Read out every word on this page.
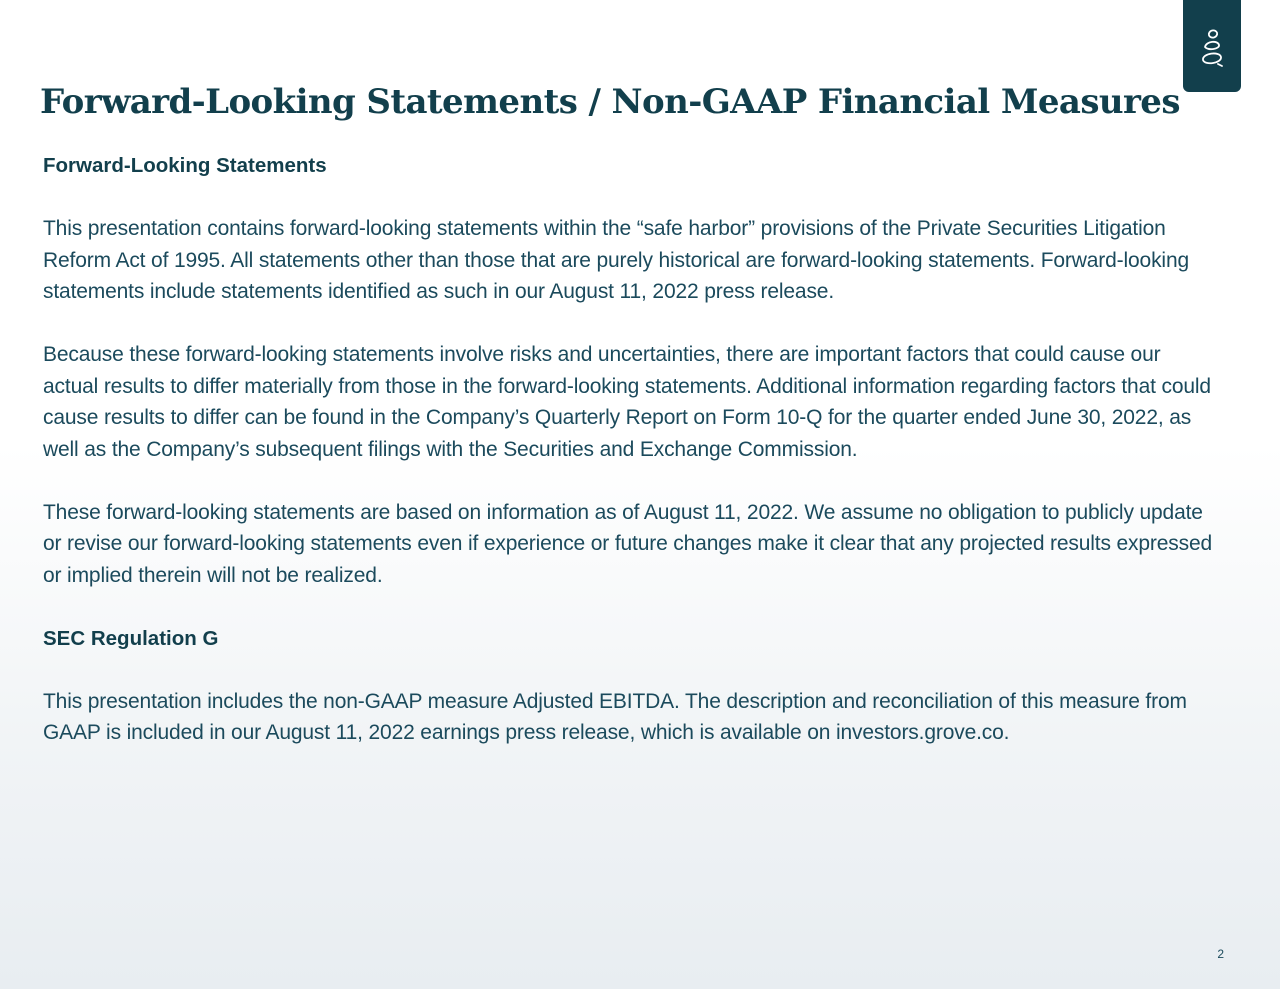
Forward-Looking Statements / Non-GAAP Financial Measures
Forward-Looking Statements

This presentation contains forward-looking statements within the “safe harbor” provisions of the Private Securities Litigation Reform Act of 1995. All statements other than those that are purely historical are forward-looking statements. Forward-looking statements include statements identified as such in our August 11, 2022 press release.

Because these forward-looking statements involve risks and uncertainties, there are important factors that could cause our actual results to differ materially from those in the forward-looking statements. Additional information regarding factors that could cause results to differ can be found in the Company’s Quarterly Report on Form 10-Q for the quarter ended June 30, 2022, as well as the Company’s subsequent filings with the Securities and Exchange Commission.

These forward-looking statements are based on information as of August 11, 2022. We assume no obligation to publicly update or revise our forward-looking statements even if experience or future changes make it clear that any projected results expressed or implied therein will not be realized.

SEC Regulation G

This presentation includes the non-GAAP measure Adjusted EBITDA. The description and reconciliation of this measure from GAAP is included in our August 11, 2022 earnings press release, which is available on investors.grove.co.

2
